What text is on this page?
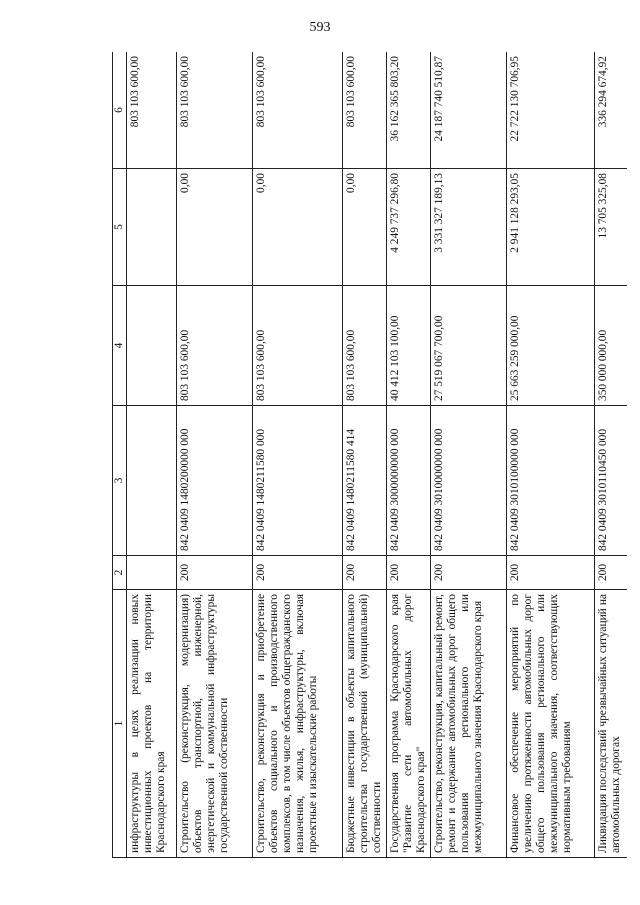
593
1	2	3	4	5	6
инфраструктуры в целях реализации новых инвестиционных проектов на территории Краснодарского края					803 103 600,00
Строительство (реконструкция, модернизация) объектов транспортной, инженерной, энергетической и коммунальной инфраструктуры государственной собственности	200	842 0409 1480200000 000	803 103 600,00	0,00	803 103 600,00
Строительство, реконструкция и приобретение объектов социального и производственного комплексов, в том числе объектов общегражданского назначения, жилья, инфраструктуры, включая проектные и изыскательские работы	200	842 0409 1480211580 000	803 103 600,00	0,00	803 103 600,00
Бюджетные инвестиции в объекты капитального строительства государственной (муниципальной) собственности	200	842 0409 1480211580 414	803 103 600,00	0,00	803 103 600,00
Государственная программа Краснодарского края "Развитие сети автомобильных дорог Краснодарского края"	200	842 0409 3000000000 000	40 412 103 100,00	4 249 737 296,80	36 162 365 803,20
Строительство, реконструкция, капитальный ремонт, ремонт и содержание автомобильных дорог общего пользования регионального или межмуниципального значения Краснодарского края	200	842 0409 3010000000 000	27 519 067 700,00	3 331 327 189,13	24 187 740 510,87
Финансовое обеспечение мероприятий по увеличению протяженности автомобильных дорог общего пользования регионального или межмуниципального значения, соответствующих нормативным требованиям	200	842 0409 3010100000 000	25 663 259 000,00	2 941 128 293,05	22 722 130 706,95
Ликвидация последствий чрезвычайных ситуаций на автомобильных дорогах	200	842 0409 3010110450 000	350 000 000,00	13 705 325,08	336 294 674,92
